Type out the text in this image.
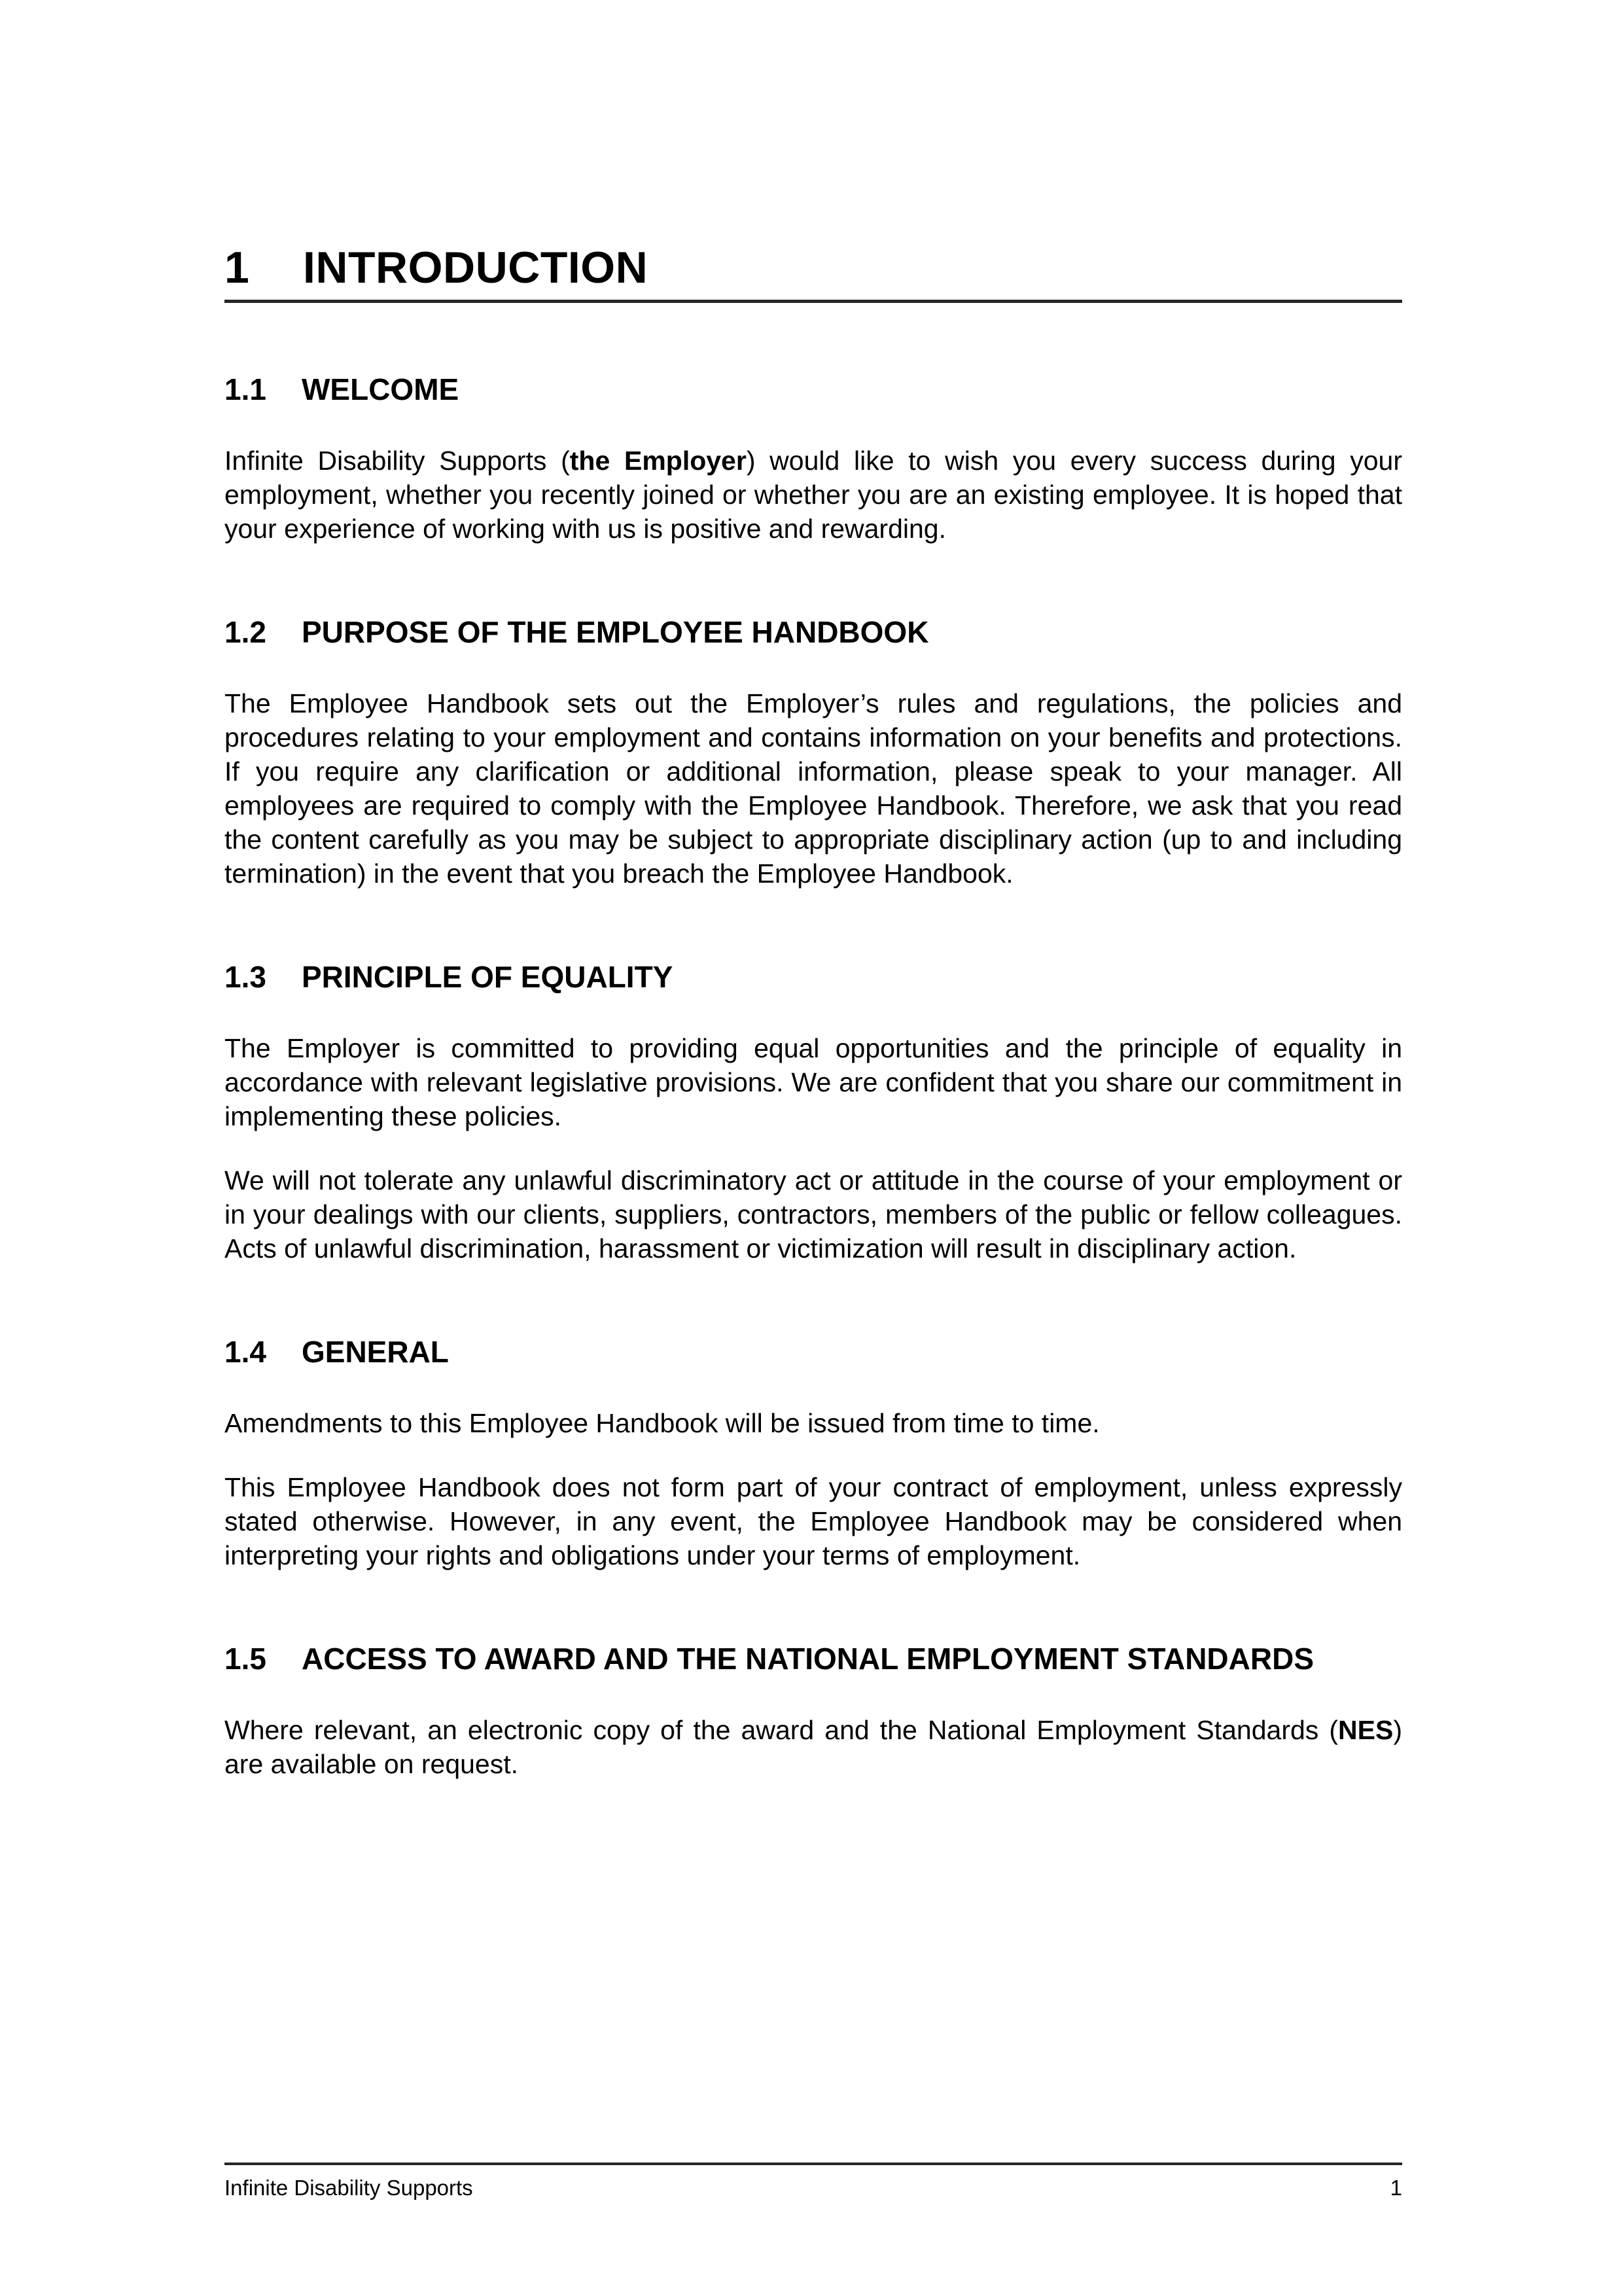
1 INTRODUCTION
1.1 WELCOME

Infinite Disability Supports (the Employer) would like to wish you every success during your employment, whether you recently joined or whether you are an existing employee. It is hoped that your experience of working with us is positive and rewarding.

1.2 PURPOSE OF THE EMPLOYEE HANDBOOK

The Employee Handbook sets out the Employer’s rules and regulations, the policies and procedures relating to your employment and contains information on your benefits and protections. If you require any clarification or additional information, please speak to your manager. All employees are required to comply with the Employee Handbook. Therefore, we ask that you read the content carefully as you may be subject to appropriate disciplinary action (up to and including termination) in the event that you breach the Employee Handbook.

1.3 PRINCIPLE OF EQUALITY

The Employer is committed to providing equal opportunities and the principle of equality in accordance with relevant legislative provisions. We are confident that you share our commitment in implementing these policies.

We will not tolerate any unlawful discriminatory act or attitude in the course of your employment or in your dealings with our clients, suppliers, contractors, members of the public or fellow colleagues. Acts of unlawful discrimination, harassment or victimization will result in disciplinary action.

1.4 GENERAL

Amendments to this Employee Handbook will be issued from time to time.

This Employee Handbook does not form part of your contract of employment, unless expressly stated otherwise. However, in any event, the Employee Handbook may be considered when interpreting your rights and obligations under your terms of employment.

1.5 ACCESS TO AWARD AND THE NATIONAL EMPLOYMENT STANDARDS

Where relevant, an electronic copy of the award and the National Employment Standards (NES) are available on request.

Infinite Disability Supports	1
